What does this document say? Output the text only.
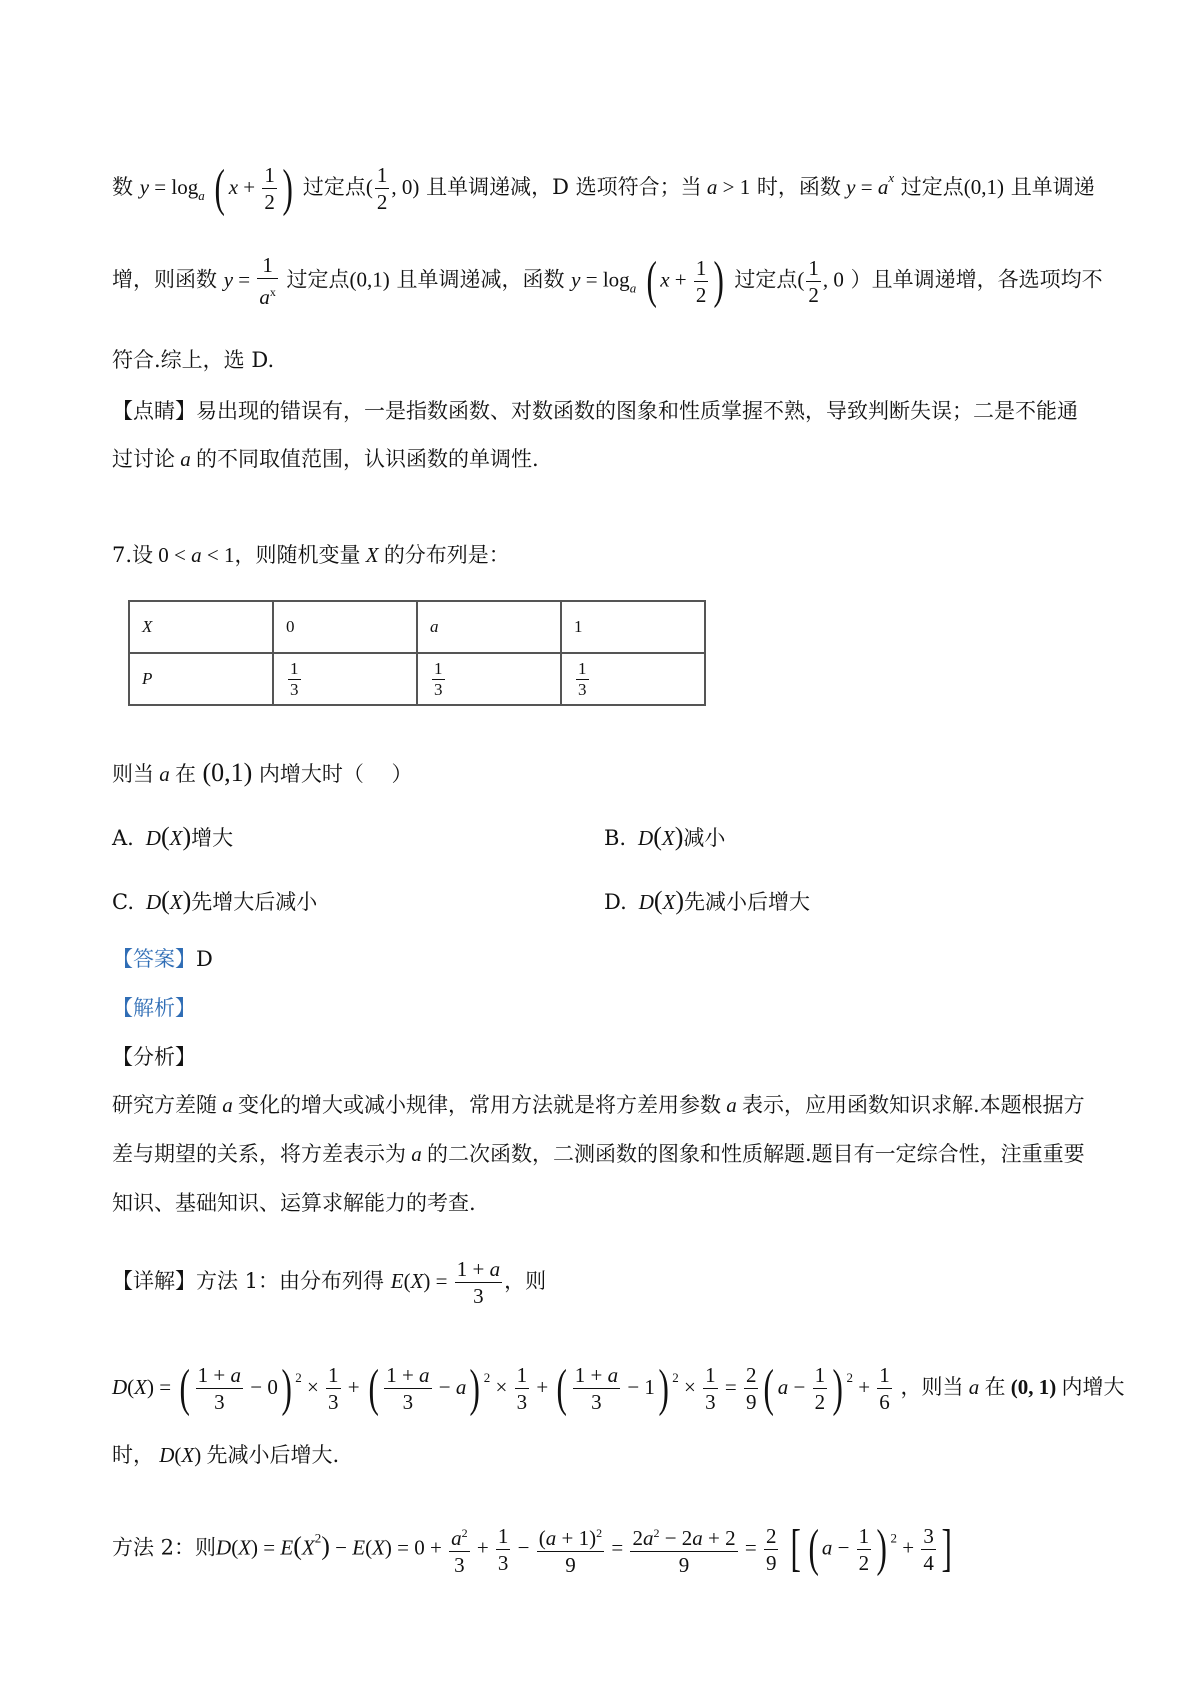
数 $y = \log_a$ ( $x + \frac{1}{2}$ ) 过定点( $\frac{1}{2}$ , 0) 且单调递减，D 选项符合；当 a > 1 时，函数 $y = a^x$ 过定点(0,1) 且单调递
增，则函数 $y = \frac{1}{a^x}$ 过定点(0,1) 且单调递减，函数 $y = \log_a$ ( $x + \frac{1}{2}$ ) 过定点( $\frac{1}{2}$ , 0 ）且单调递增，各选项均不
符合.综上，选 D.
【点睛】易出现的错误有，一是指数函数、对数函数的图象和性质掌握不熟，导致判断失误；二是不能通
过讨论 a 的不同取值范围，认识函数的单调性.
7.设 0 < a < 1，则随机变量 X 的分布列是：
X	0	a	1
P	$\frac{1}{3}$	$\frac{1}{3}$	$\frac{1}{3}$
则当 a 在 (0,1) 内增大时（　 ）
A.  D(X)增大	B.  D(X)减小
C.  D(X)先增大后减小	D.  D(X)先减小后增大
【答案】D
【解析】
【分析】
研究方差随 a 变化的增大或减小规律，常用方法就是将方差用参数 a 表示，应用函数知识求解.本题根据方
差与期望的关系，将方差表示为 a 的二次函数，二测函数的图象和性质解题.题目有一定综合性，注重重要
知识、基础知识、运算求解能力的考查.
【详解】方法 1：由分布列得 $E(X) = \frac{1 + a}{3}$ ，则
D(X) = ( $\frac{1 + a}{3} - 0$) $^2 \times \frac{1}{3}$ + ( $\frac{1 + a}{3} - a$) $^2 \times \frac{1}{3}$ + ( $\frac{1 + a}{3} - 1$) $^2 \times \frac{1}{3} = \frac{2}{9}$ ( $a - \frac{1}{2}$ ) $^2 + \frac{1}{6}$ ，则当 a 在 (0, 1) 内增大
时， D(X) 先减小后增大.
方法 2：则$D(X) = E(X^2) - E(X) = 0 + \frac{a^2}{3} + \frac{1}{3} - \frac{(a + 1)^2}{9} = \frac{2a^2 - 2a + 2}{9} = \frac{2}{9}$ [ ( $a - \frac{1}{2}$ ) $^2 + \frac{3}{4}$ ]
